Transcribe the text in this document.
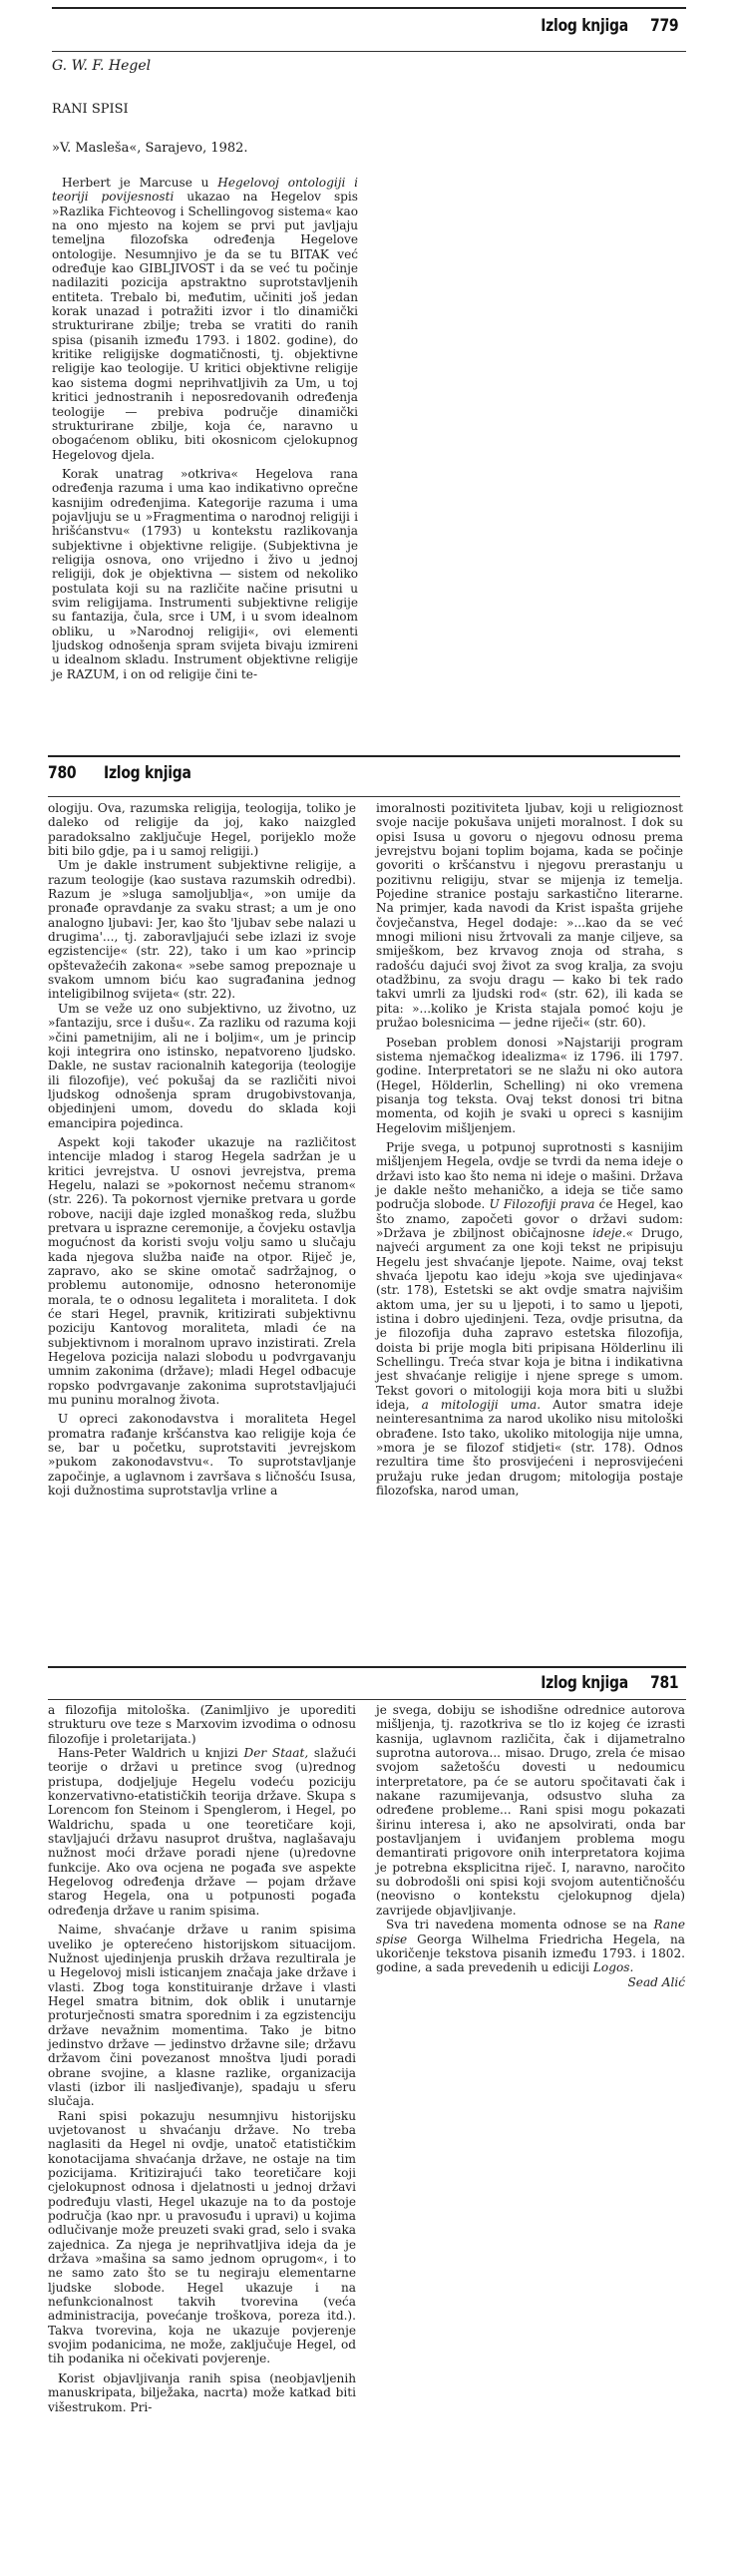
Izlog knjiga 779
G. W. F. Hegel
RANI SPISI
»V. Masleša«, Sarajevo, 1982.

Herbert je Marcuse u Hegelovoj ontologiji i teoriji povijesnosti ukazao na Hegelov spis »Razlika Fichteovog i Schellingovog sistema« kao na ono mjesto na kojem se prvi put javljaju temeljna filozofska određenja Hegelove ontologije. Nesumnjivo je da se tu BITAK već određuje kao GIBLJIVOST i da se već tu počinje nadilaziti pozicija apstraktno suprotstavljenih entiteta. Trebalo bi, međutim, učiniti još jedan korak unazad i potražiti izvor i tlo dinamički strukturirane zbilje; treba se vratiti do ranih spisa (pisanih između 1793. i 1802. godine), do kritike religijske dogmatičnosti, tj. objektivne religije kao teologije. U kritici objektivne religije kao sistema dogmi neprihvatljivih za Um, u toj kritici jednostranih i neposredovanih određenja teologije — prebiva područje dinamički strukturirane zbilje, koja će, naravno u obogaćenom obliku, biti okosnicom cjelokupnog Hegelovog djela.

Korak unatrag »otkriva« Hegelova rana određenja razuma i uma kao indikativno oprečne kasnijim određenjima. Kategorije razuma i uma pojavljuju se u »Fragmentima o narodnoj religiji i hrišćanstvu« (1793) u kontekstu razlikovanja subjektivne i objektivne religije. (Subjektivna je religija osnova, ono vrijedno i živo u jednoj religiji, dok je objektivna — sistem od nekoliko postulata koji su na različite načine prisutni u svim religijama. Instrumenti subjektivne religije su fantazija, čula, srce i UM, i u svom idealnom obliku, u »Narodnoj religiji«, ovi elementi ljudskog odnošenja spram svijeta bivaju izmireni u idealnom skladu. Instrument objektivne religije je RAZUM, i on od religije čini te-

780 Izlog knjiga

ologiju. Ova, razumska religija, teologija, toliko je daleko od religije da joj, kako naizgled paradoksalno zaključuje Hegel, porijeklo može biti bilo gdje, pa i u samoj religiji.)

Um je dakle instrument subjektivne religije, a razum teologije (kao sustava razumskih odredbi). Razum je »sluga samoljublja«, »on umije da pronađe opravdanje za svaku strast; a um je ono analogno ljubavi: Jer, kao što 'ljubav sebe nalazi u drugima'..., tj. zaboravljajući sebe izlazi iz svoje egzistencije« (str. 22), tako i um kao »princip opštevažećih zakona« »sebe samog prepoznaje u svakom umnom biću kao sugrađanina jednog inteligibilnog svijeta« (str. 22).

Um se veže uz ono subjektivno, uz životno, uz »fantaziju, srce i dušu«. Za razliku od razuma koji »čini pametnijim, ali ne i boljim«, um je princip koji integrira ono istinsko, nepatvoreno ljudsko. Dakle, ne sustav racionalnih kategorija (teologije ili filozofije), već pokušaj da se različiti nivoi ljudskog odnošenja spram drugobivstovanja, objedinjeni umom, dovedu do sklada koji emancipira pojedinca.

Aspekt koji također ukazuje na različitost intencije mladog i starog Hegela sadržan je u kritici jevrejstva. U osnovi jevrejstva, prema Hegelu, nalazi se »pokornost nečemu stranom« (str. 226). Ta pokornost vjernike pretvara u gorde robove, naciji daje izgled monaškog reda, službu pretvara u isprazne ceremonije, a čovjeku ostavlja mogućnost da koristi svoju volju samo u slučaju kada njegova služba naiđe na otpor. Riječ je, zapravo, ako se skine omotač sadržajnog, o problemu autonomije, odnosno heteronomije morala, te o odnosu legaliteta i moraliteta. I dok će stari Hegel, pravnik, kritizirati subjektivnu poziciju Kantovog moraliteta, mladi će na subjektivnom i moralnom upravo inzistirati. Zrela Hegelova pozicija nalazi slobodu u podvrgavanju umnim zakonima (države); mladi Hegel odbacuje ropsko podvrgavanje zakonima suprotstavljajući mu puninu moralnog života.

U opreci zakonodavstva i moraliteta Hegel promatra rađanje kršćanstva kao religije koja će se, bar u početku, suprotstaviti jevrejskom »pukom zakonodavstvu«. To suprotstavljanje započinje, a uglavnom i završava s ličnošću Isusa, koji dužnostima suprotstavlja vrline a

imoralnosti pozitiviteta ljubav, koji u religioznost svoje nacije pokušava unijeti moralnost. I dok su opisi Isusa u govoru o njegovu odnosu prema jevrejstvu bojani toplim bojama, kada se počinje govoriti o kršćanstvu i njegovu prerastanju u pozitivnu religiju, stvar se mijenja iz temelja. Pojedine stranice postaju sarkastično literarne. Na primjer, kada navodi da Krist ispašta grijehe čovječanstva, Hegel dodaje: »...kao da se već mnogi milioni nisu žrtvovali za manje ciljeve, sa smiješkom, bez krvavog znoja od straha, s radošću dajući svoj život za svog kralja, za svoju otadžbinu, za svoju dragu — kako bi tek rado takvi umrli za ljudski rod« (str. 62), ili kada se pita: »...koliko je Krista stajala pomoć koju je pružao bolesnicima — jedne riječi« (str. 60).

Poseban problem donosi »Najstariji program sistema njemačkog idealizma« iz 1796. ili 1797. godine. Interpretatori se ne slažu ni oko autora (Hegel, Hölderlin, Schelling) ni oko vremena pisanja tog teksta. Ovaj tekst donosi tri bitna momenta, od kojih je svaki u opreci s kasnijim Hegelovim mišljenjem.

Prije svega, u potpunoj suprotnosti s kasnijim mišljenjem Hegela, ovdje se tvrdi da nema ideje o državi isto kao što nema ni ideje o mašini. Država je dakle nešto mehaničko, a ideja se tiče samo područja slobode. U Filozofiji prava će Hegel, kao što znamo, započeti govor o državi sudom: »Država je zbiljnost običajnosne ideje.« Drugo, najveći argument za one koji tekst ne pripisuju Hegelu jest shvaćanje ljepote. Naime, ovaj tekst shvaća ljepotu kao ideju »koja sve ujedinjava« (str. 178), Estetski se akt ovdje smatra najvišim aktom uma, jer su u ljepoti, i to samo u ljepoti, istina i dobro ujedinjeni. Teza, ovdje prisutna, da je filozofija duha zapravo estetska filozofija, doista bi prije mogla biti pripisana Hölderlinu ili Schellingu. Treća stvar koja je bitna i indikativna jest shvaćanje religije i njene sprege s umom. Tekst govori o mitologiji koja mora biti u službi ideja, a mitologiji uma. Autor smatra ideje neinteresantnima za narod ukoliko nisu mitološki obrađene. Isto tako, ukoliko mitologija nije umna, »mora je se filozof stidjeti« (str. 178). Odnos rezultira time što prosvijećeni i neprosvijećeni pružaju ruke jedan drugom; mitologija postaje filozofska, narod uman,

Izlog knjiga 781

a filozofija mitološka. (Zanimljivo je uporediti strukturu ove teze s Marxovim izvodima o odnosu filozofije i proletarijata.)

Hans-Peter Waldrich u knjizi Der Staat, slažući teorije o državi u pretince svog (u)rednog pristupa, dodjeljuje Hegelu vodeću poziciju konzervativno-etatističkih teorija države. Skupa s Lorencom fon Steinom i Spenglerom, i Hegel, po Waldrichu, spada u one teoretičare koji, stavljajući državu nasuprot društva, naglašavaju nužnost moći države poradi njene (u)redovne funkcije. Ako ova ocjena ne pogađa sve aspekte Hegelovog određenja države — pojam države starog Hegela, ona u potpunosti pogađa određenja države u ranim spisima.

Naime, shvaćanje države u ranim spisima uveliko je opterećeno historijskom situacijom. Nužnost ujedinjenja pruskih država rezultirala je u Hegelovoj misli isticanjem značaja jake države i vlasti. Zbog toga konstituiranje države i vlasti Hegel smatra bitnim, dok oblik i unutarnje proturječnosti smatra sporednim i za egzistenciju države nevažnim momentima. Tako je bitno jedinstvo države — jedinstvo državne sile; državu državom čini povezanost mnoštva ljudi poradi obrane svojine, a klasne razlike, organizacija vlasti (izbor ili nasljeđivanje), spadaju u sferu slučaja.

Rani spisi pokazuju nesumnjivu historijsku uvjetovanost u shvaćanju države. No treba naglasiti da Hegel ni ovdje, unatoč etatističkim konotacijama shvaćanja države, ne ostaje na tim pozicijama. Kritizirajući tako teoretičare koji cjelokupnost odnosa i djelatnosti u jednoj državi podređuju vlasti, Hegel ukazuje na to da postoje područja (kao npr. u pravosuđu i upravi) u kojima odlučivanje može preuzeti svaki grad, selo i svaka zajednica. Za njega je neprihvatljiva ideja da je država »mašina sa samo jednom oprugom«, i to ne samo zato što se tu negiraju elementarne ljudske slobode. Hegel ukazuje i na nefunkcionalnost takvih tvorevina (veća administracija, povećanje troškova, poreza itd.). Takva tvorevina, koja ne ukazuje povjerenje svojim podanicima, ne može, zaključuje Hegel, od tih podanika ni očekivati povjerenje.

Korist objavljivanja ranih spisa (neobjavljenih manuskripata, bilježaka, nacrta) može katkad biti višestrukom. Pri-

je svega, dobiju se ishodišne odrednice autorova mišljenja, tj. razotkriva se tlo iz kojeg će izrasti kasnija, uglavnom različita, čak i dijametralno suprotna autorova... misao. Drugo, zrela će misao svojom sažetošću dovesti u nedoumicu interpretatore, pa će se autoru spočitavati čak i nakane razumijevanja, odsustvo sluha za određene probleme... Rani spisi mogu pokazati širinu interesa i, ako ne apsolvirati, onda bar postavljanjem i uviđanjem problema mogu demantirati prigovore onih interpretatora kojima je potrebna eksplicitna riječ. I, naravno, naročito su dobrodošli oni spisi koji svojom autentičnošću (neovisno o kontekstu cjelokupnog djela) zavrijede objavljivanje.

Sva tri navedena momenta odnose se na Rane spise Georga Wilhelma Friedricha Hegela, na ukoričenje tekstova pisanih između 1793. i 1802. godine, a sada prevedenih u ediciji Logos.

Sead Alić
